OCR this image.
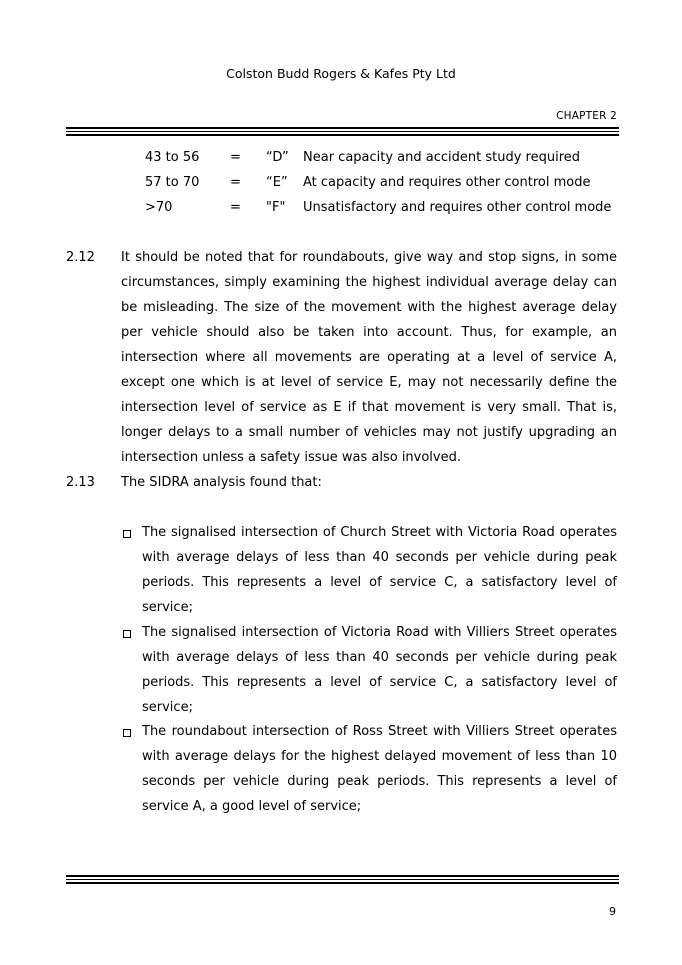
Colston Budd Rogers & Kafes Pty Ltd
CHAPTER 2
43 to 56 = “D” Near capacity and accident study required
57 to 70 = “E” At capacity and requires other control mode
>70	= "F" Unsatisfactory and requires other control mode
2.12 It should be noted that for roundabouts, give way and stop signs, in some circumstances, simply examining the highest individual average delay can be misleading. The size of the movement with the highest average delay per vehicle should also be taken into account. Thus, for example, an intersection where all movements are operating at a level of service A, except one which is at level of service E, may not necessarily define the intersection level of service as E if that movement is very small. That is, longer delays to a small number of vehicles may not justify upgrading an intersection unless a safety issue was also involved.
2.13 The SIDRA analysis found that:
The signalised intersection of Church Street with Victoria Road operates with average delays of less than 40 seconds per vehicle during peak periods. This represents a level of service C, a satisfactory level of service;
The signalised intersection of Victoria Road with Villiers Street operates with average delays of less than 40 seconds per vehicle during peak periods. This represents a level of service C, a satisfactory level of service;
The roundabout intersection of Ross Street with Villiers Street operates with average delays for the highest delayed movement of less than 10 seconds per vehicle during peak periods. This represents a level of service A, a good level of service;
9
